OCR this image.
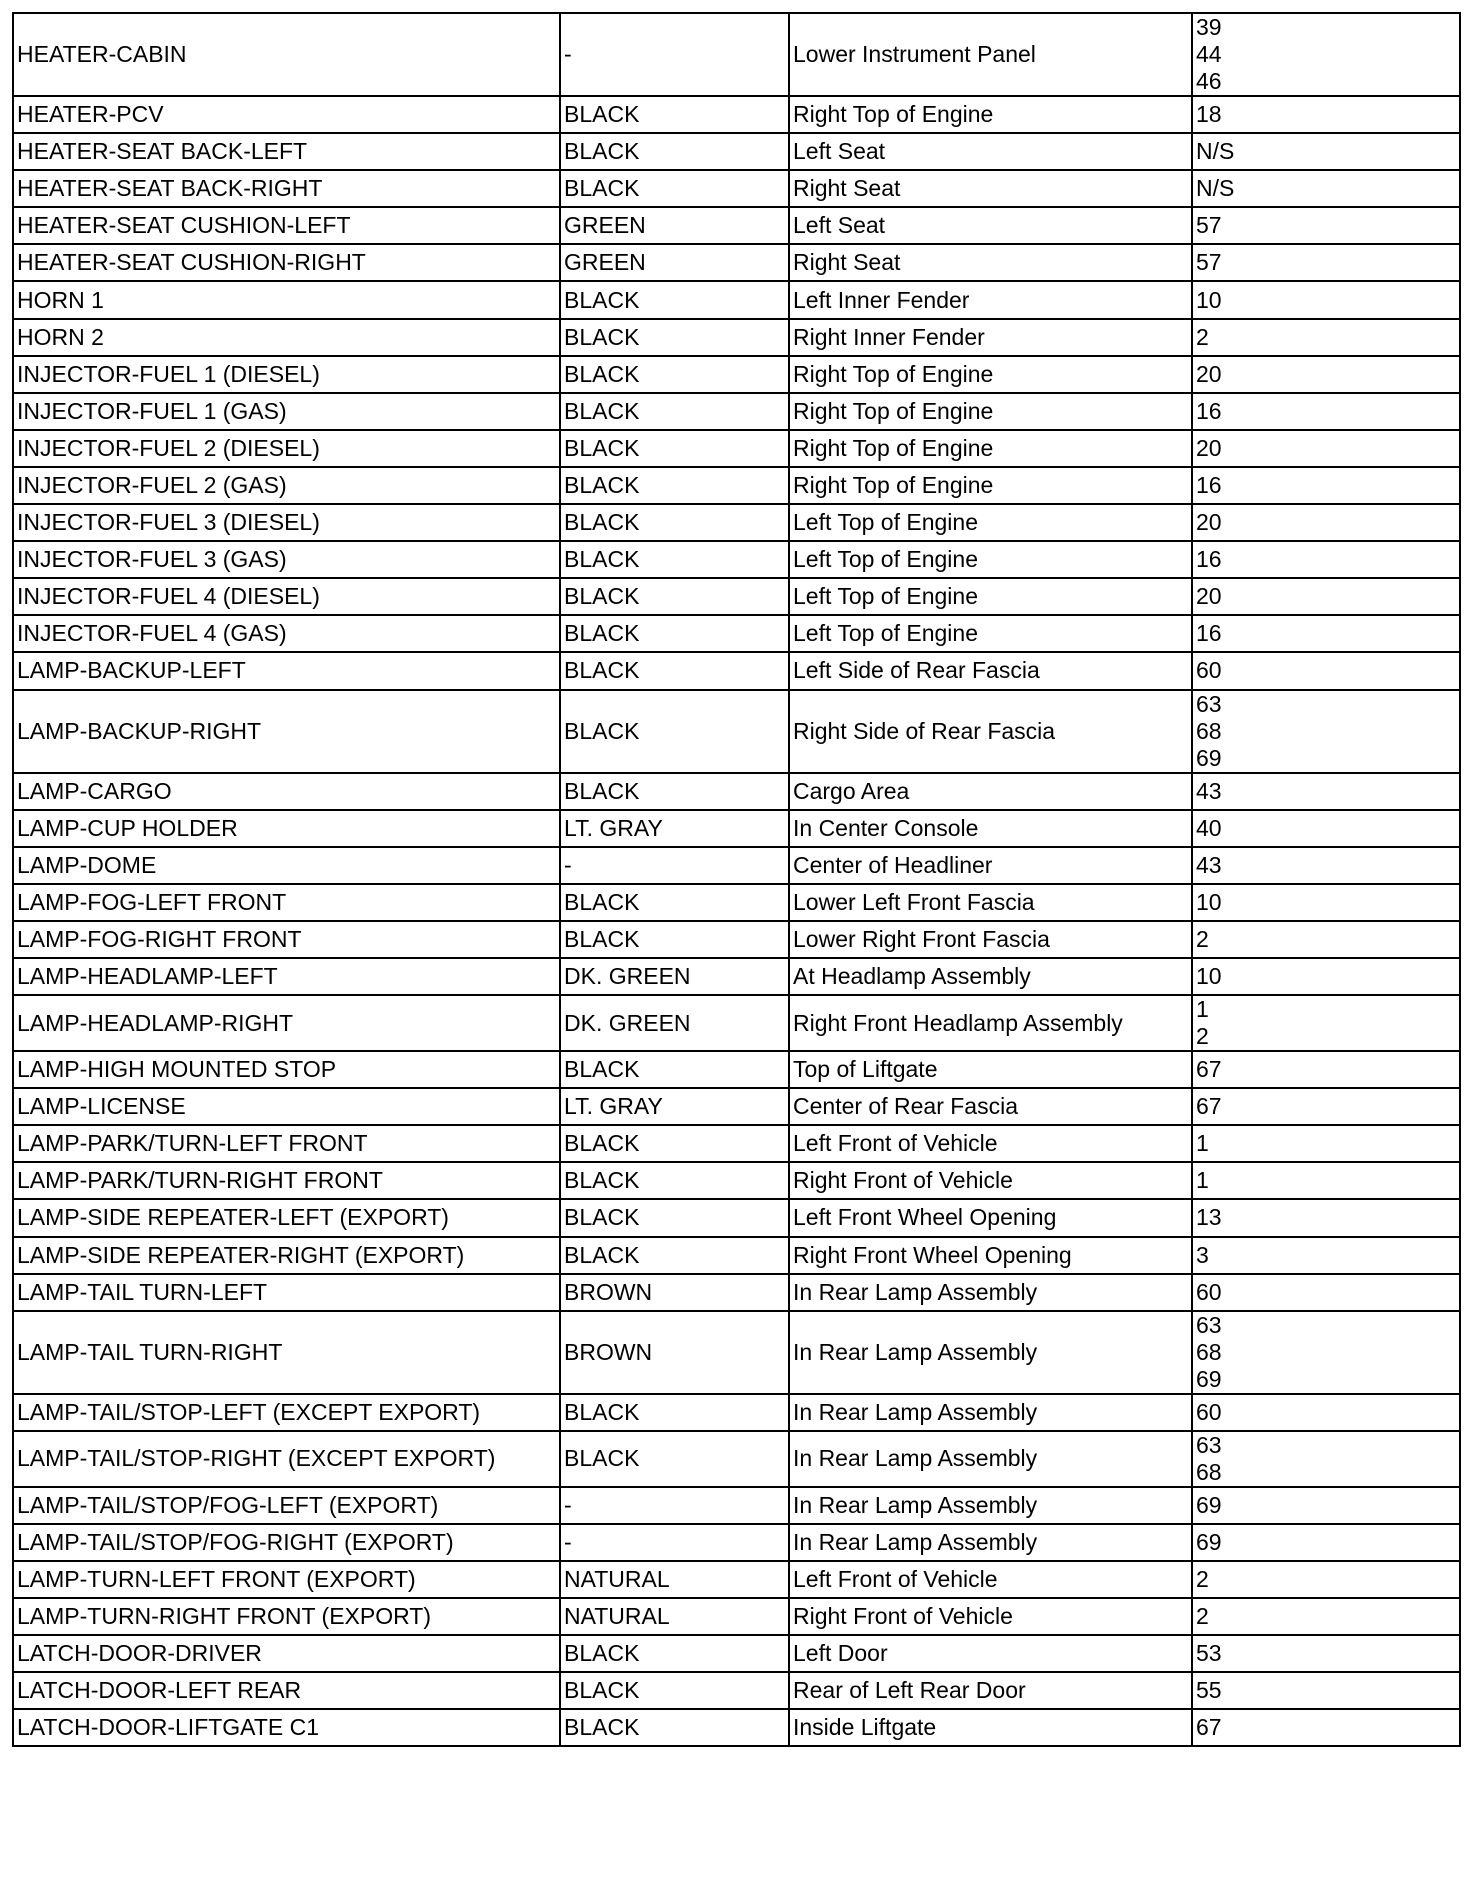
HEATER-CABIN	-	Lower Instrument Panel	39
44
46

HEATER-PCV	BLACK	Right Top of Engine	18

HEATER-SEAT BACK-LEFT	BLACK	Left Seat	N/S

HEATER-SEAT BACK-RIGHT	BLACK	Right Seat	N/S

HEATER-SEAT CUSHION-LEFT	GREEN	Left Seat	57

HEATER-SEAT CUSHION-RIGHT	GREEN	Right Seat	57

HORN 1	BLACK	Left Inner Fender	10

HORN 2	BLACK	Right Inner Fender	2

INJECTOR-FUEL 1 (DIESEL)	BLACK	Right Top of Engine	20

INJECTOR-FUEL 1 (GAS)	BLACK	Right Top of Engine	16

INJECTOR-FUEL 2 (DIESEL)	BLACK	Right Top of Engine	20

INJECTOR-FUEL 2 (GAS)	BLACK	Right Top of Engine	16

INJECTOR-FUEL 3 (DIESEL)	BLACK	Left Top of Engine	20

INJECTOR-FUEL 3 (GAS)	BLACK	Left Top of Engine	16

INJECTOR-FUEL 4 (DIESEL)	BLACK	Left Top of Engine	20

INJECTOR-FUEL 4 (GAS)	BLACK	Left Top of Engine	16

LAMP-BACKUP-LEFT	BLACK	Left Side of Rear Fascia	60

LAMP-BACKUP-RIGHT	BLACK	Right Side of Rear Fascia	63
68
69

LAMP-CARGO	BLACK	Cargo Area	43

LAMP-CUP HOLDER	LT. GRAY	In Center Console	40

LAMP-DOME	-	Center of Headliner	43

LAMP-FOG-LEFT FRONT	BLACK	Lower Left Front Fascia	10

LAMP-FOG-RIGHT FRONT	BLACK	Lower Right Front Fascia	2

LAMP-HEADLAMP-LEFT	DK. GREEN	At Headlamp Assembly	10

LAMP-HEADLAMP-RIGHT	DK. GREEN	Right Front Headlamp Assembly	1
2

LAMP-HIGH MOUNTED STOP	BLACK	Top of Liftgate	67

LAMP-LICENSE	LT. GRAY	Center of Rear Fascia	67

LAMP-PARK/TURN-LEFT FRONT	BLACK	Left Front of Vehicle	1

LAMP-PARK/TURN-RIGHT FRONT	BLACK	Right Front of Vehicle	1

LAMP-SIDE REPEATER-LEFT (EXPORT)	BLACK	Left Front Wheel Opening	13

LAMP-SIDE REPEATER-RIGHT (EXPORT)	BLACK	Right Front Wheel Opening	3

LAMP-TAIL TURN-LEFT	BROWN	In Rear Lamp Assembly	60

LAMP-TAIL TURN-RIGHT	BROWN	In Rear Lamp Assembly	63
68
69

LAMP-TAIL/STOP-LEFT (EXCEPT EXPORT)	BLACK	In Rear Lamp Assembly	60

LAMP-TAIL/STOP-RIGHT (EXCEPT EXPORT)	BLACK	In Rear Lamp Assembly	63
68

LAMP-TAIL/STOP/FOG-LEFT (EXPORT)	-	In Rear Lamp Assembly	69

LAMP-TAIL/STOP/FOG-RIGHT (EXPORT)	-	In Rear Lamp Assembly	69

LAMP-TURN-LEFT FRONT (EXPORT)	NATURAL	Left Front of Vehicle	2

LAMP-TURN-RIGHT FRONT (EXPORT)	NATURAL	Right Front of Vehicle	2

LATCH-DOOR-DRIVER	BLACK	Left Door	53

LATCH-DOOR-LEFT REAR	BLACK	Rear of Left Rear Door	55

LATCH-DOOR-LIFTGATE C1	BLACK	Inside Liftgate	67
